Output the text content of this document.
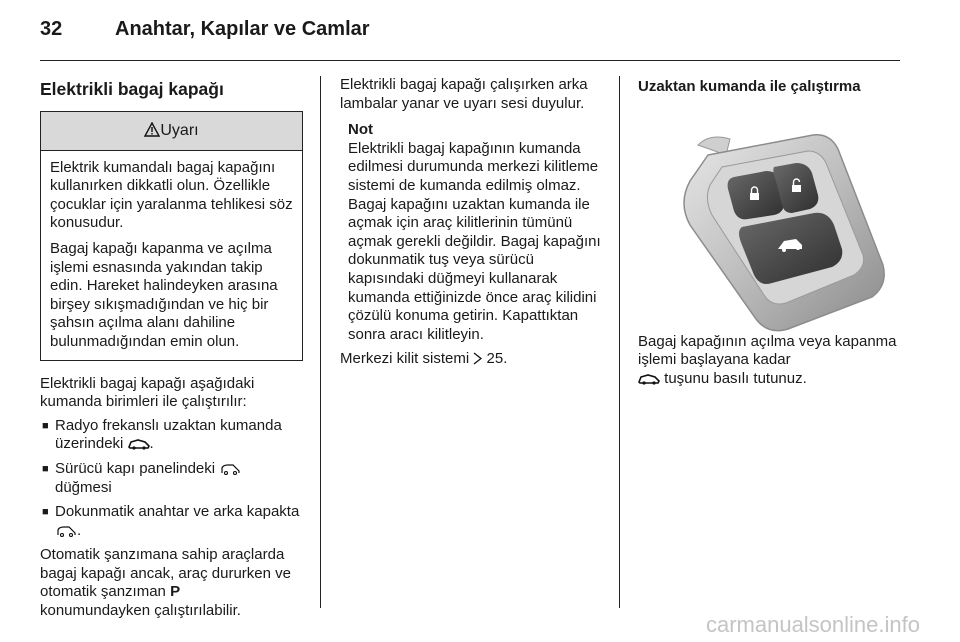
32	Anahtar, Kapılar ve Camlar
Elektrikli bagaj kapağı
Uyarı

Elektrik kumandalı bagaj kapağını kullanırken dikkatli olun. Özellikle çocuklar için yaralanma tehlikesi söz konusudur.

Bagaj kapağı kapanma ve açılma işlemi esnasında yakından takip edin. Hareket halindeyken arasına birşey sıkışmadığından ve hiç bir şahsın açılma alanı dahiline bulunmadığından emin olun.

Elektrikli bagaj kapağı aşağıdaki kumanda birimleri ile çalıştırılır:

■ Radyo frekanslı uzaktan kumanda üzerindeki .
■ Sürücü kapı panelindeki
düğmesi
■ Dokunmatik anahtar ve arka kapakta .

Otomatik şanzımana sahip araçlarda bagaj kapağı ancak, araç dururken ve otomatik şanzıman P
konumundayken çalıştırılabilir.

Elektrikli bagaj kapağı çalışırken arka lambalar yanar ve uyarı sesi duyulur.

Not
Elektrikli bagaj kapağının kumanda edilmesi durumunda merkezi kilitleme sistemi de kumanda edilmiş olmaz. Bagaj kapağını uzaktan kumanda ile açmak için araç kilitlerinin tümünü açmak gerekli değildir. Bagaj kapağını dokunmatik tuş veya sürücü kapısındaki düğmeyi kullanarak kumanda ettiğinizde önce araç kilidini çözülü konuma getirin. Kapattıktan sonra aracı kilitleyin.

Merkezi kilit sistemi 25.

Uzaktan kumanda ile çalıştırma

Bagaj kapağının açılma veya kapanma işlemi başlayana kadar
tuşunu basılı tutunuz.

carmanualsonline.info
